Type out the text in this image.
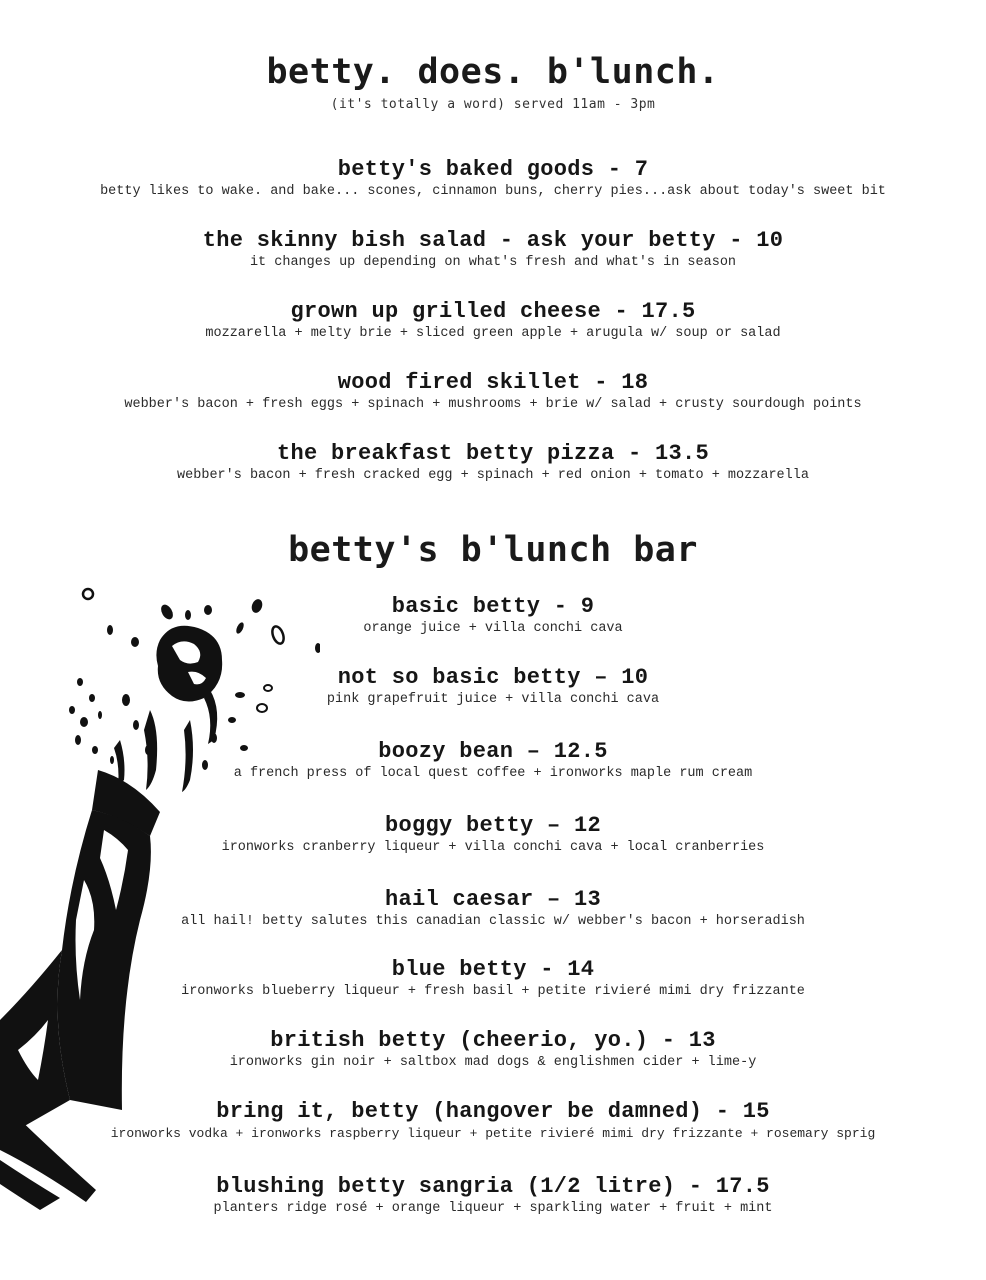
betty. does. b'lunch.
(it's totally a word) served 11am - 3pm
betty's baked goods - 7
betty likes to wake. and bake... scones, cinnamon buns, cherry pies...ask about today's sweet bit
the skinny bish salad - ask your betty - 10
it changes up depending on what's fresh and what's in season
grown up grilled cheese - 17.5
mozzarella + melty brie + sliced green apple + arugula w/ soup or salad
wood fired skillet - 18
webber's bacon + fresh eggs + spinach + mushrooms + brie w/ salad + crusty sourdough points
the breakfast betty pizza - 13.5
webber's bacon + fresh cracked egg + spinach + red onion + tomato + mozzarella
betty's b'lunch bar
basic betty - 9
orange juice + villa conchi cava
not so basic betty – 10
pink grapefruit juice + villa conchi cava
boozy bean – 12.5
a french press of local quest coffee + ironworks maple rum cream
boggy betty – 12
ironworks cranberry liqueur + villa conchi cava + local cranberries
hail caesar – 13
all hail! betty salutes this canadian classic w/ webber's bacon + horseradish
blue betty - 14
ironworks blueberry liqueur + fresh basil + petite rivieré mimi dry frizzante
british betty (cheerio, yo.) - 13
ironworks gin noir + saltbox mad dogs & englishmen cider + lime-y
bring it, betty (hangover be damned) - 15
ironworks vodka + ironworks raspberry liqueur + petite rivieré mimi dry frizzante + rosemary sprig
blushing betty sangria (1/2 litre) - 17.5
planters ridge rosé + orange liqueur + sparkling water + fruit + mint
